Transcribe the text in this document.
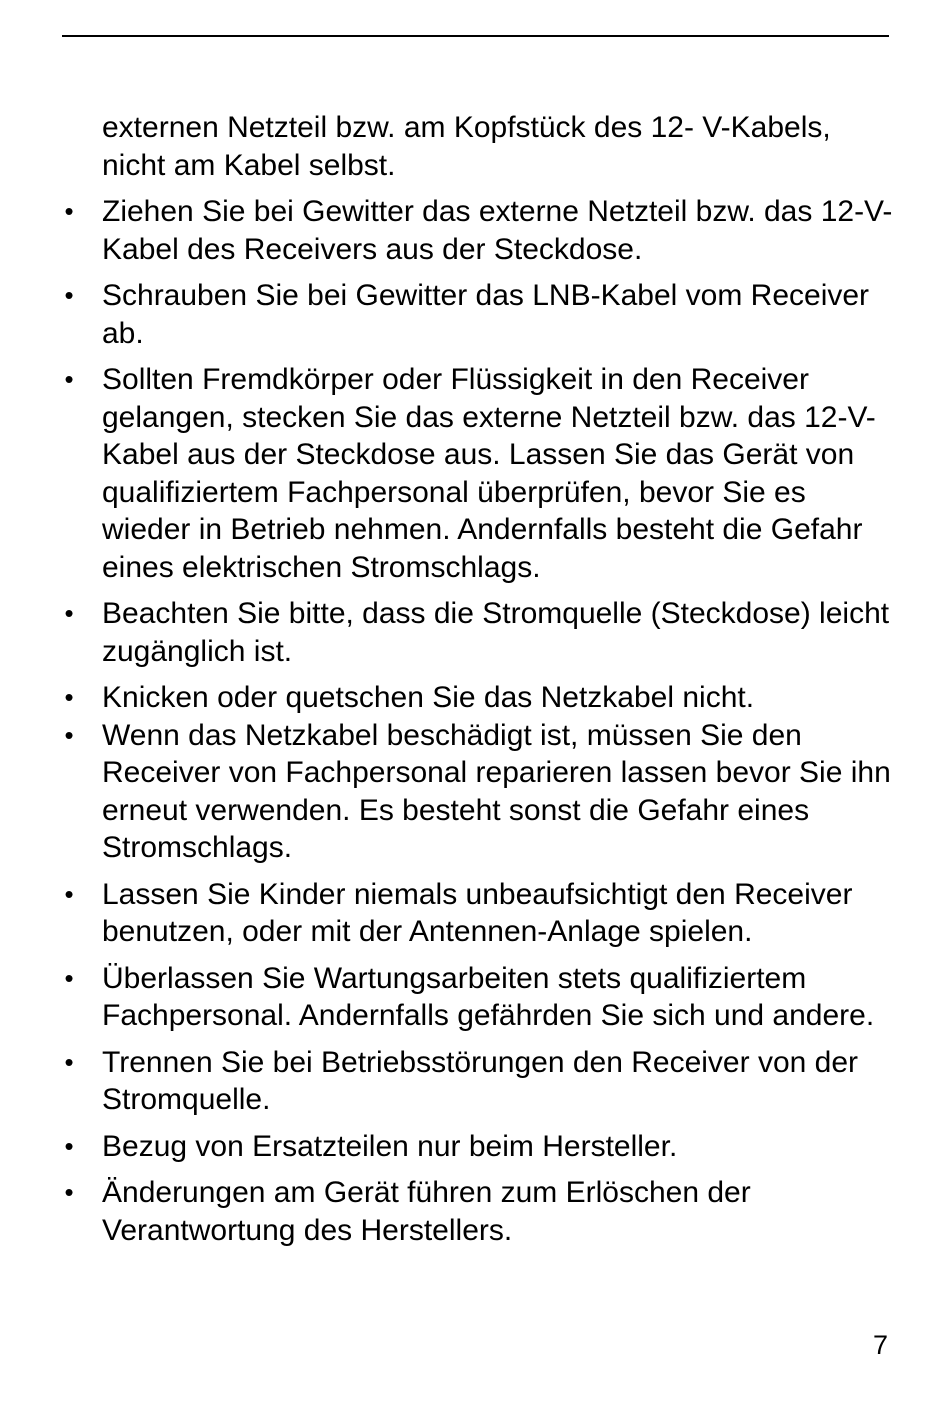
externen Netzteil bzw. am Kopfstück des 12- V-Kabels, nicht am Kabel selbst.

• Ziehen Sie bei Gewitter das externe Netzteil bzw. das 12-V- Kabel des Receivers aus der Steckdose.
• Schrauben Sie bei Gewitter das LNB-Kabel vom Receiver ab.
• Sollten Fremdkörper oder Flüssigkeit in den Receiver gelangen, stecken Sie das externe Netzteil bzw. das 12-V-Kabel aus der Steckdose aus. Lassen Sie das Gerät von qualifiziertem Fachpersonal überprüfen, bevor Sie es wieder in Betrieb nehmen. Andernfalls besteht die Gefahr eines elektrischen Stromschlags.
• Beachten Sie bitte, dass die Stromquelle (Steckdose) leicht zugänglich ist.
• Knicken oder quetschen Sie das Netzkabel nicht.
• Wenn das Netzkabel beschädigt ist, müssen Sie den Receiver von Fachpersonal reparieren lassen bevor Sie ihn erneut verwenden. Es besteht sonst die Gefahr eines Stromschlags.
• Lassen Sie Kinder niemals unbeaufsichtigt den Receiver benutzen, oder mit der Antennen-Anlage spielen.
• Überlassen Sie Wartungsarbeiten stets qualifiziertem Fachpersonal. Andernfalls gefährden Sie sich und andere.
• Trennen Sie bei Betriebsstörungen den Receiver von der Stromquelle.
• Bezug von Ersatzteilen nur beim Hersteller.
• Änderungen am Gerät führen zum Erlöschen der Verantwortung des Herstellers.
7
